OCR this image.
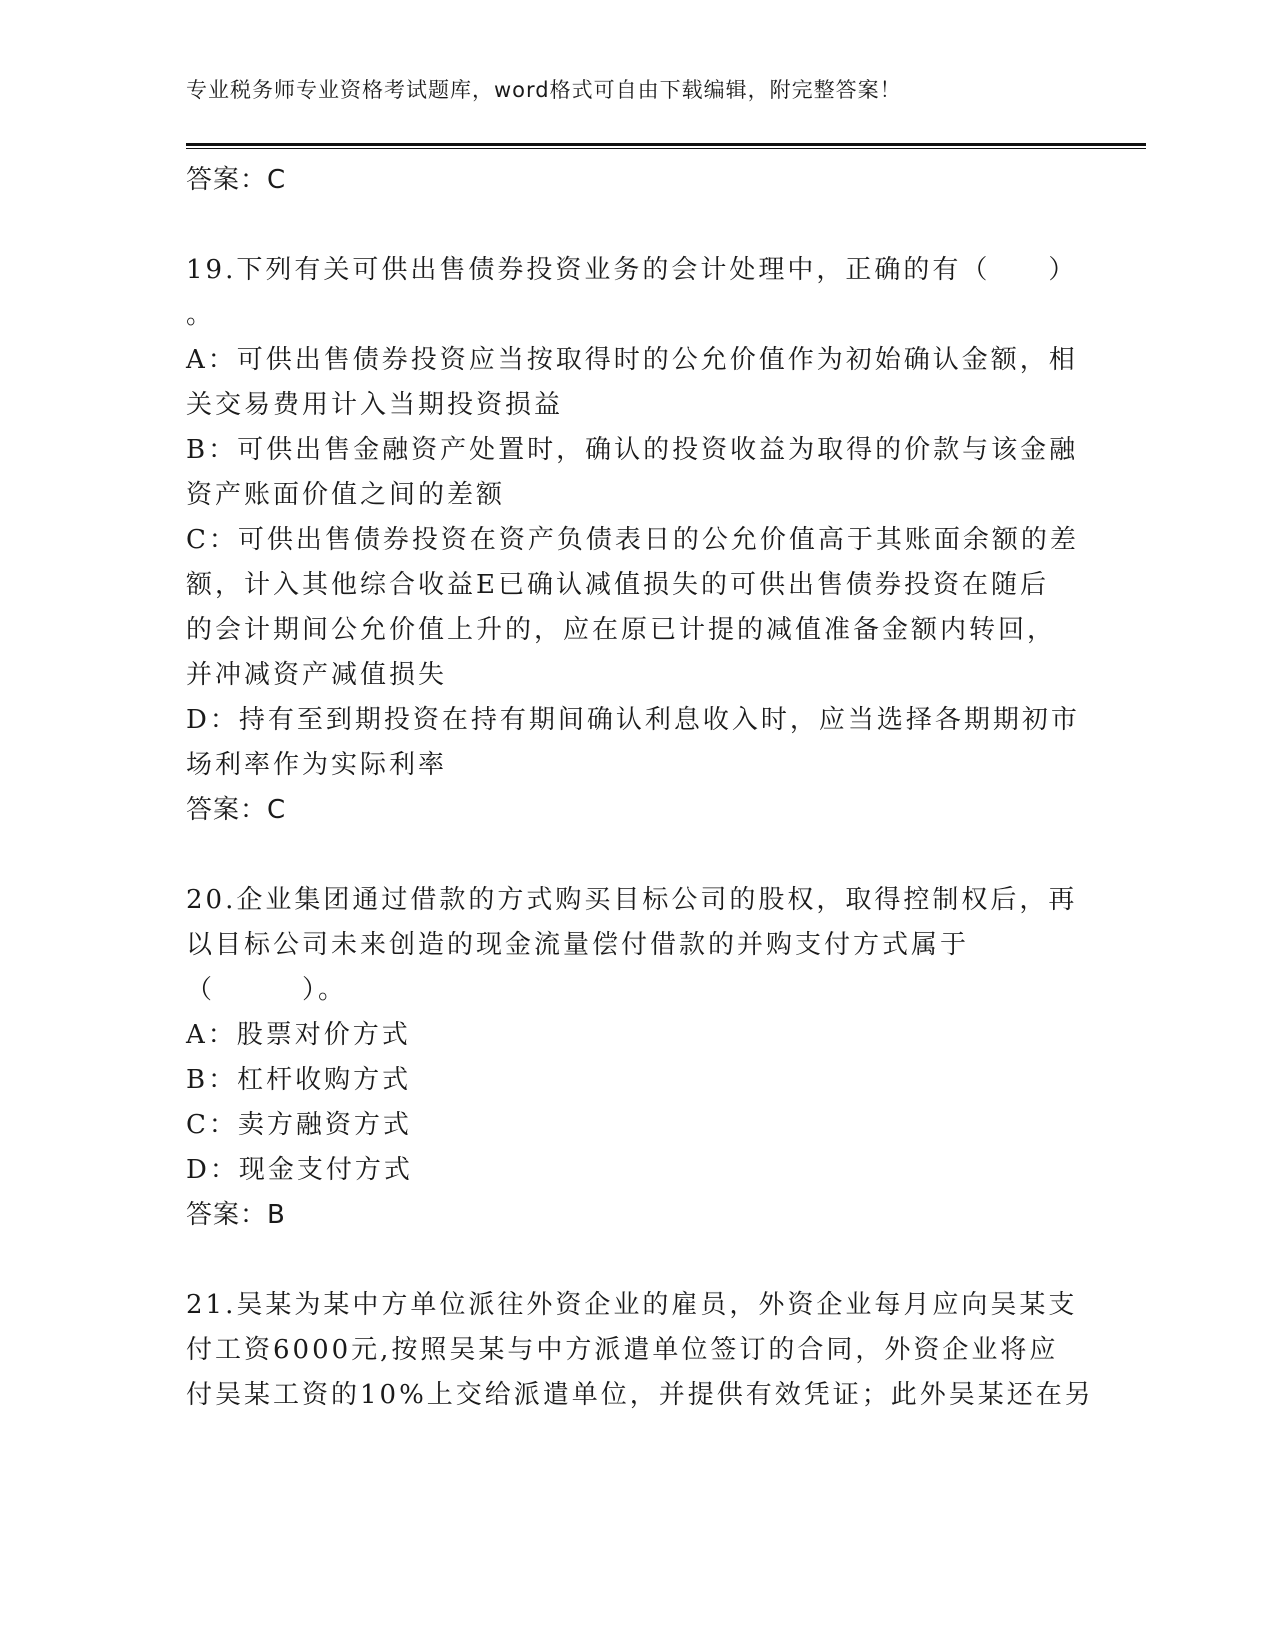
专业税务师专业资格考试题库，word格式可自由下载编辑，附完整答案！
答案：C
19.下列有关可供出售债券投资业务的会计处理中，正确的有（　　）
。
A：可供出售债券投资应当按取得时的公允价值作为初始确认金额，相
关交易费用计入当期投资损益
B：可供出售金融资产处置时，确认的投资收益为取得的价款与该金融
资产账面价值之间的差额
C：可供出售债券投资在资产负债表日的公允价值高于其账面余额的差
额，计入其他综合收益E已确认减值损失的可供出售债券投资在随后
的会计期间公允价值上升的，应在原已计提的减值准备金额内转回，
并冲减资产减值损失
D：持有至到期投资在持有期间确认利息收入时，应当选择各期期初市
场利率作为实际利率
答案：C
20.企业集团通过借款的方式购买目标公司的股权，取得控制权后，再
以目标公司未来创造的现金流量偿付借款的并购支付方式属于
（　　　）。
A：股票对价方式
B：杠杆收购方式
C：卖方融资方式
D：现金支付方式
答案：B
21.吴某为某中方单位派往外资企业的雇员，外资企业每月应向吴某支
付工资6000元,按照吴某与中方派遣单位签订的合同，外资企业将应
付吴某工资的10%上交给派遣单位，并提供有效凭证；此外吴某还在另
